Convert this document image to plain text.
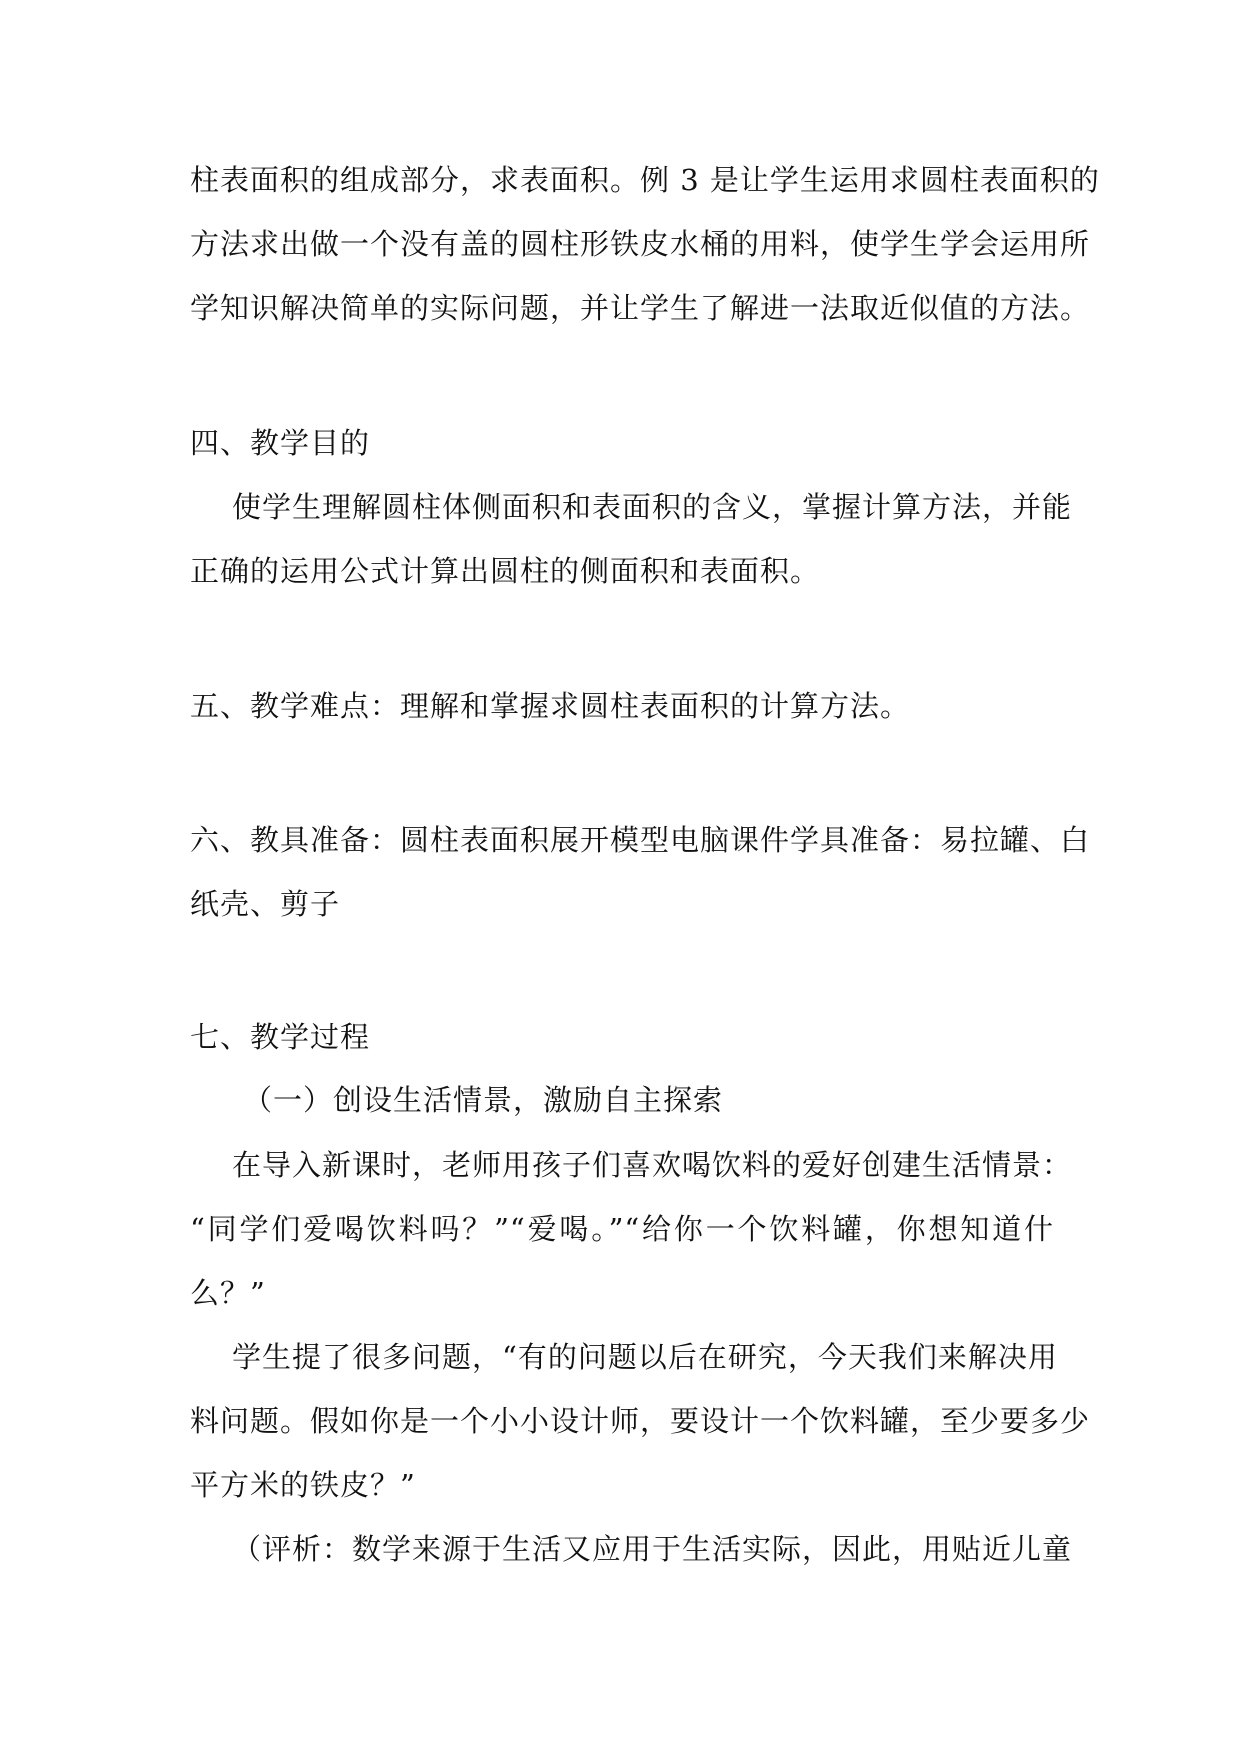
柱表面积的组成部分，求表面积。例 3 是让学生运用求圆柱表面积的
方法求出做一个没有盖的圆柱形铁皮水桶的用料，使学生学会运用所
学知识解决简单的实际问题，并让学生了解进一法取近似值的方法。
四、教学目的
使学生理解圆柱体侧面积和表面积的含义，掌握计算方法，并能
正确的运用公式计算出圆柱的侧面积和表面积。
五、教学难点：理解和掌握求圆柱表面积的计算方法。
六、教具准备：圆柱表面积展开模型电脑课件学具准备：易拉罐、白
纸壳、剪子
七、教学过程
（一）创设生活情景，激励自主探索
在导入新课时，老师用孩子们喜欢喝饮料的爱好创建生活情景：
“同学们爱喝饮料吗？”“爱喝。”“给你一个饮料罐，你想知道什
么？”
学生提了很多问题，“有的问题以后在研究，今天我们来解决用
料问题。假如你是一个小小设计师，要设计一个饮料罐，至少要多少
平方米的铁皮？”
（评析：数学来源于生活又应用于生活实际，因此，用贴近儿童
